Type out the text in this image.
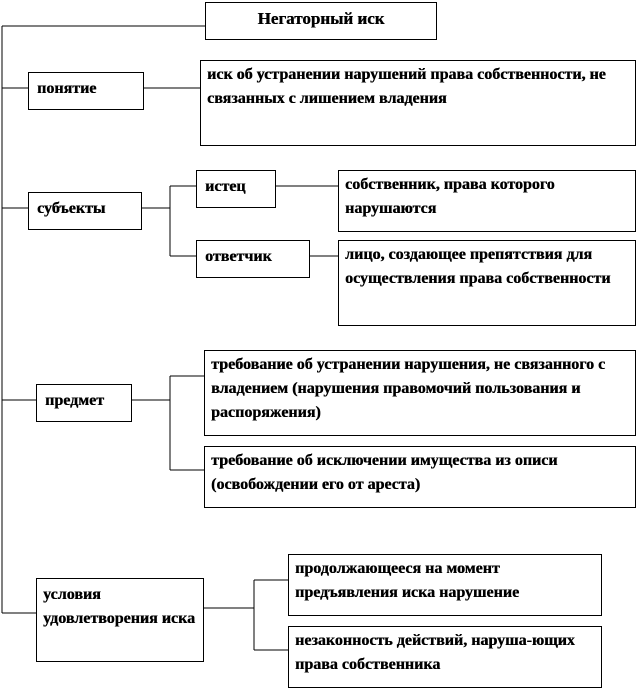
Негаторный иск
понятие
иск об устранении нарушений права собственности, не связанных с лишением владения
субъекты
истец	собственник, права которого нарушаются
ответчик	лицо, создающее препятствия для осуществления права собственности
предмет
требование об устранении нарушения, не связанного с владением (нарушения правомочий пользования и распоряжения)
требование об исключении имущества из описи (освобождении его от ареста)
условия удовлетворения иска
продолжающееся на момент предъявления иска нарушение
незаконность действий, наруша-ющих права собственника
